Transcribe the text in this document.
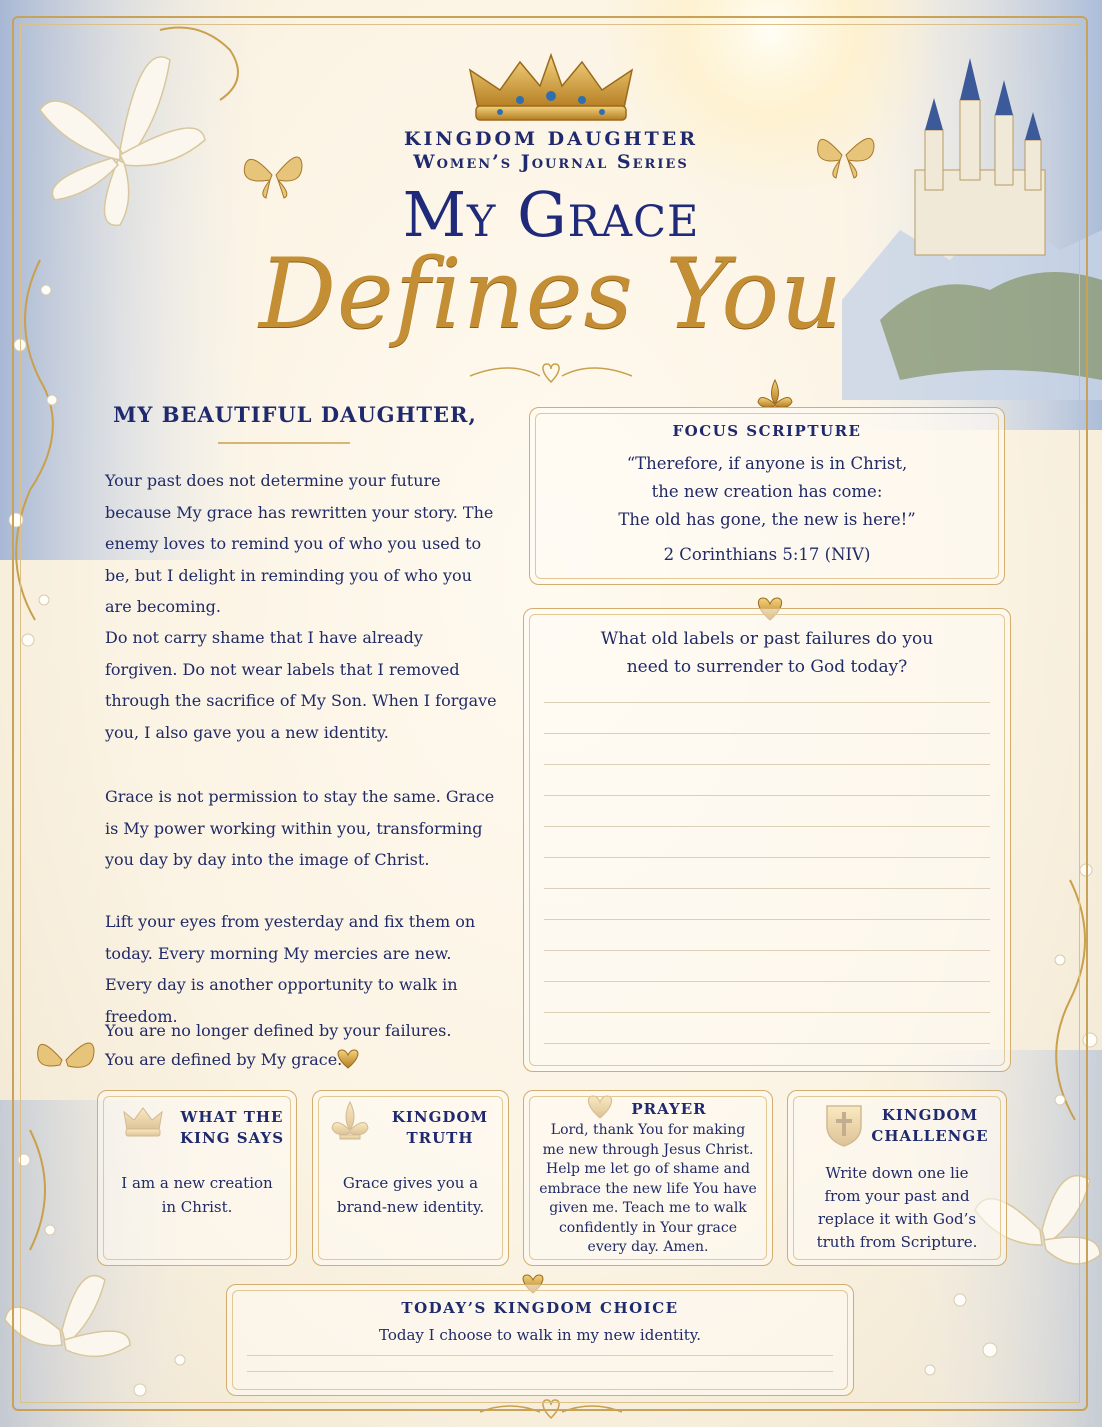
KINGDOM DAUGHTER
Women’s Journal Series
My Grace
Defines You
MY BEAUTIFUL DAUGHTER,

Your past does not determine your future because My grace has rewritten your story. The enemy loves to remind you of who you used to be, but I delight in reminding you of who you are becoming.

Do not carry shame that I have already forgiven. Do not wear labels that I removed through the sacrifice of My Son. When I forgave you, I also gave you a new identity.

Grace is not permission to stay the same. Grace is My power working within you, transforming you day by day into the image of Christ.

Lift your eyes from yesterday and fix them on today. Every morning My mercies are new. Every day is another opportunity to walk in freedom.

You are no longer defined by your failures.
You are defined by My grace.
FOCUS SCRIPTURE
“Therefore, if anyone is in Christ,
the new creation has come:
The old has gone, the new is here!”
2 Corinthians 5:17 (NIV)
What old labels or past failures do you
need to surrender to God today?
WHAT THE
KING SAYS
I am a new creation
in Christ.
KINGDOM
TRUTH
Grace gives you a
brand-new identity.
PRAYER
Lord, thank You for making
me new through Jesus Christ.
Help me let go of shame and
embrace the new life You have
given me. Teach me to walk
confidently in Your grace
every day. Amen.
KINGDOM
CHALLENGE
Write down one lie
from your past and
replace it with God’s
truth from Scripture.
TODAY’S KINGDOM CHOICE
Today I choose to walk in my new identity.
